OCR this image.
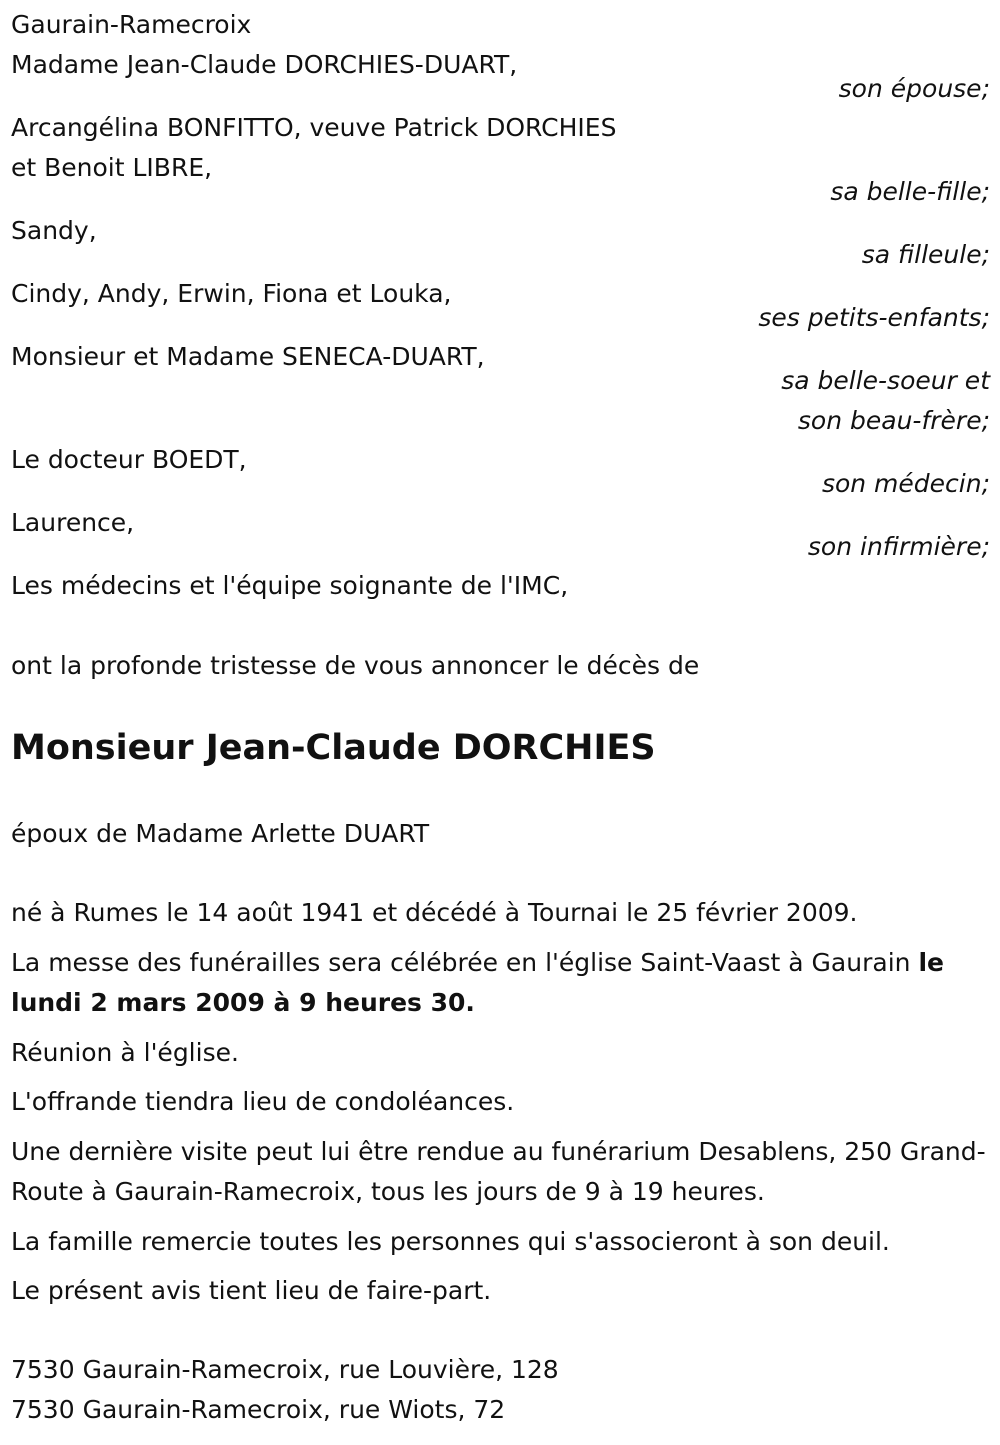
Gaurain-Ramecroix
Madame Jean-Claude DORCHIES-DUART,
son épouse;
Arcangélina BONFITTO, veuve Patrick DORCHIES
et Benoit LIBRE,
sa belle-fille;
Sandy,
sa filleule;
Cindy, Andy, Erwin, Fiona et Louka,
ses petits-enfants;
Monsieur et Madame SENECA-DUART,
sa belle-soeur et
son beau-frère;
Le docteur BOEDT,
son médecin;
Laurence,
son infirmière;
Les médecins et l'équipe soignante de l'IMC,
ont la profonde tristesse de vous annoncer le décès de
Monsieur Jean-Claude DORCHIES
époux de Madame Arlette DUART
né à Rumes le 14 août 1941 et décédé à Tournai le 25 février 2009.
La messe des funérailles sera célébrée en l'église Saint-Vaast à Gaurain le lundi 2 mars 2009 à 9 heures 30.
Réunion à l'église.
L'offrande tiendra lieu de condoléances.
Une dernière visite peut lui être rendue au funérarium Desablens, 250 Grand-Route à Gaurain-Ramecroix, tous les jours de 9 à 19 heures.
La famille remercie toutes les personnes qui s'associeront à son deuil.
Le présent avis tient lieu de faire-part.
7530 Gaurain-Ramecroix, rue Louvière, 128
7530 Gaurain-Ramecroix, rue Wiots, 72
